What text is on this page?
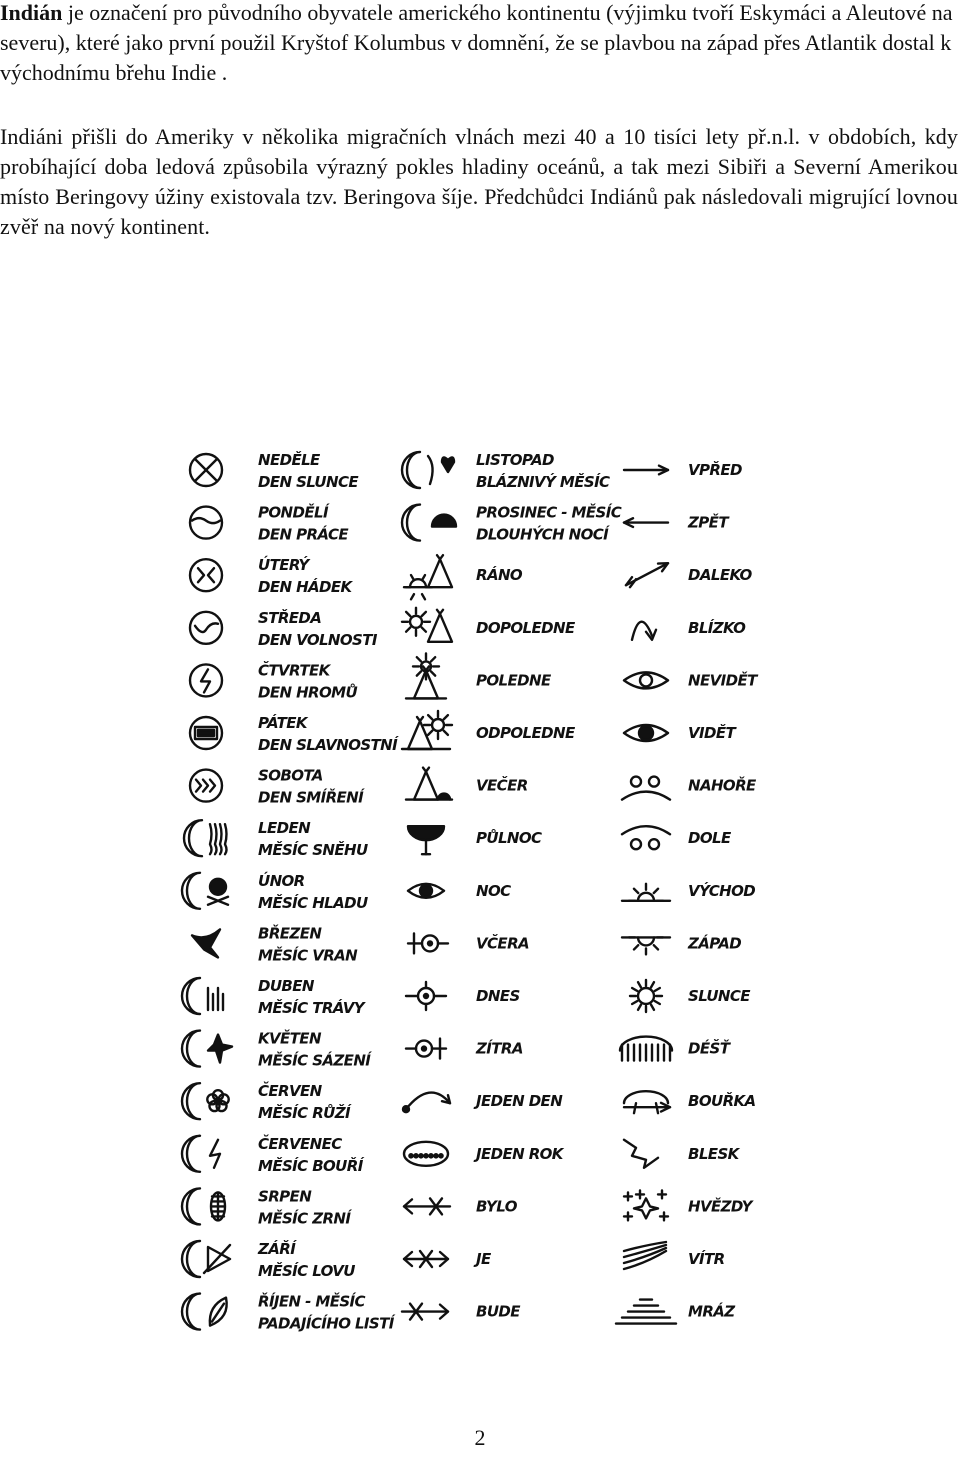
Indián je označení pro původního obyvatele amerického kontinentu (výjimku tvoří Eskymáci a Aleutové na severu), které jako první použil Kryštof Kolumbus v domnění, že se plavbou na západ přes Atlantik dostal k východnímu břehu Indie .
Indiáni přišli do Ameriky v několika migračních vlnách mezi 40 a 10 tisíci lety př.n.l. v obdobích, kdy probíhající doba ledová způsobila výrazný pokles hladiny oceánů, a tak mezi Sibiři a Severní Amerikou místo Beringovy úžiny existovala tzv. Beringova šíje. Předchůdci Indiánů pak následovali migrující lovnou zvěř na nový kontinent.
NEDĚLE
DEN SLUNCE
PONDĚLÍ
DEN PRÁCE
ÚTERÝ
DEN HÁDEK
STŘEDA
DEN VOLNOSTI
ČTVRTEK
DEN HROMŮ
PÁTEK
DEN SLAVNOSTNÍ
SOBOTA
DEN SMÍŘENÍ
LEDEN
MĚSÍC SNĚHU
ÚNOR
MĚSÍC HLADU
BŘEZEN
MĚSÍC VRAN
DUBEN
MĚSÍC TRÁVY
KVĚTEN
MĚSÍC SÁZENÍ
ČERVEN
MĚSÍC RŮŽÍ
ČERVENEC
MĚSÍC BOUŘÍ
SRPEN
MĚSÍC ZRNÍ
ZÁŘÍ
MĚSÍC LOVU
ŘÍJEN - MĚSÍC
PADAJÍCÍHO LISTÍ
LISTOPAD
BLÁZNIVÝ MĚSÍC
PROSINEC - MĚSÍC
DLOUHÝCH NOCÍ
RÁNO
DOPOLEDNE
POLEDNE
ODPOLEDNE
VEČER
PŮLNOC
NOC
VČERA
DNES
ZÍTRA
JEDEN DEN
JEDEN ROK
BYLO
JE
BUDE
VPŘED
ZPĚT
DALEKO
BLÍZKO
NEVIDĚT
VIDĚT
NAHOŘE
DOLE
VÝCHOD
ZÁPAD
SLUNCE
DÉŠŤ
BOUŘKA
BLESK
HVĚZDY
VÍTR
MRÁZ
2
